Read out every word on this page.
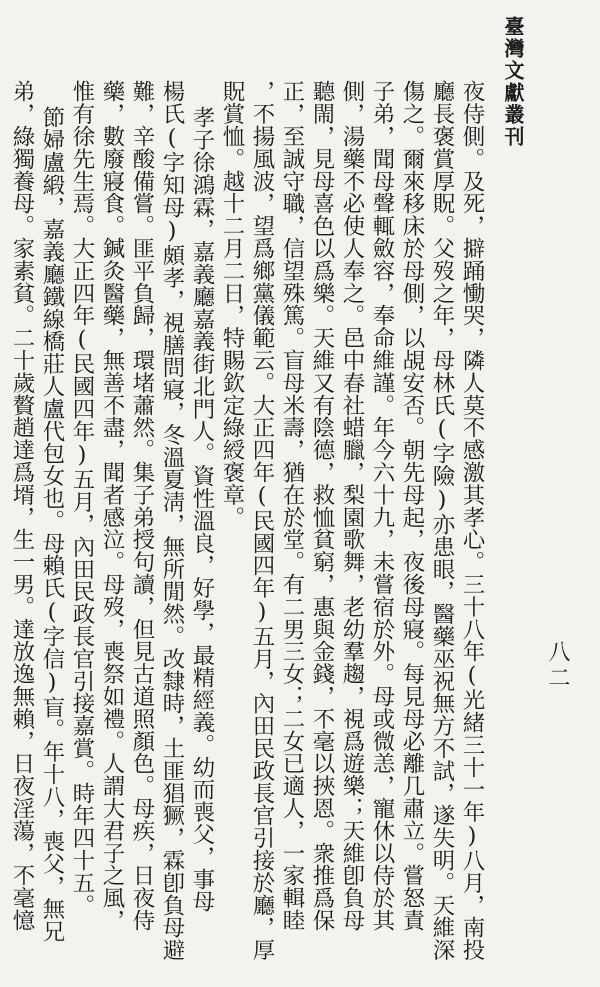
臺灣文獻叢刊
八二
夜侍側。及死，擗踊慟哭，隣人莫不感激其孝心。三十八年(光緒三十一年)八月，南投
廳長褒賞厚貺。父歿之年，母林氏(字險)亦患眼，醫藥巫祝無方不試，遂失明。天維深
傷之。爾來移床於母側，以覘安否。朝先母起，夜後母寢。每見母必離几肅立。嘗怒責
子弟，聞母聲輒斂容，奉命維謹。年今六十九，未嘗宿於外。母或微恙，寵休以侍於其
側，湯藥不必使人奉之。邑中春社蜡臘，梨園歌舞，老幼羣趨，視爲遊樂；天維卽負母
聽閙，見母喜色以爲樂。天維又有陰德，救恤貧窮，惠與金錢，不毫以挾恩。衆推爲保
正，至誠守職，信望殊篤。盲母米壽，猶在於堂。有二男三女；二女已適人，一家輯睦
，不揚風波，望爲鄉黨儀範云。大正四年(民國四年)五月，內田民政長官引接於廳，厚
貺賞恤。越十二月二日，特賜欽定綠綬褒章。
孝子徐鴻霖，嘉義廳嘉義街北門人。資性溫良，好學，最精經義。幼而喪父，事母
楊氏(字知母)頗孝，視膳問寢，冬溫夏淸，無所閒然。改隸時，土匪猖獗，霖卽負母避
難，辛酸備嘗。匪平負歸，環堵蕭然。集子弟授句讀，但見古道照顏色。母疾，日夜侍
藥，數廢寢食。鍼灸醫藥，無善不盡，聞者感泣。母歿，喪祭如禮。人謂大君子之風，
惟有徐先生焉。大正四年(民國四年)五月，內田民政長官引接嘉賞。時年四十五。
節婦盧緞，嘉義廳鐵線橋莊人盧代包女也。母賴氏(字信)盲。年十八，喪父，無兄
弟，綠獨養母。家素貧。二十歲贅趙達爲壻，生一男。達放逸無賴，日夜淫蕩，不毫憶
